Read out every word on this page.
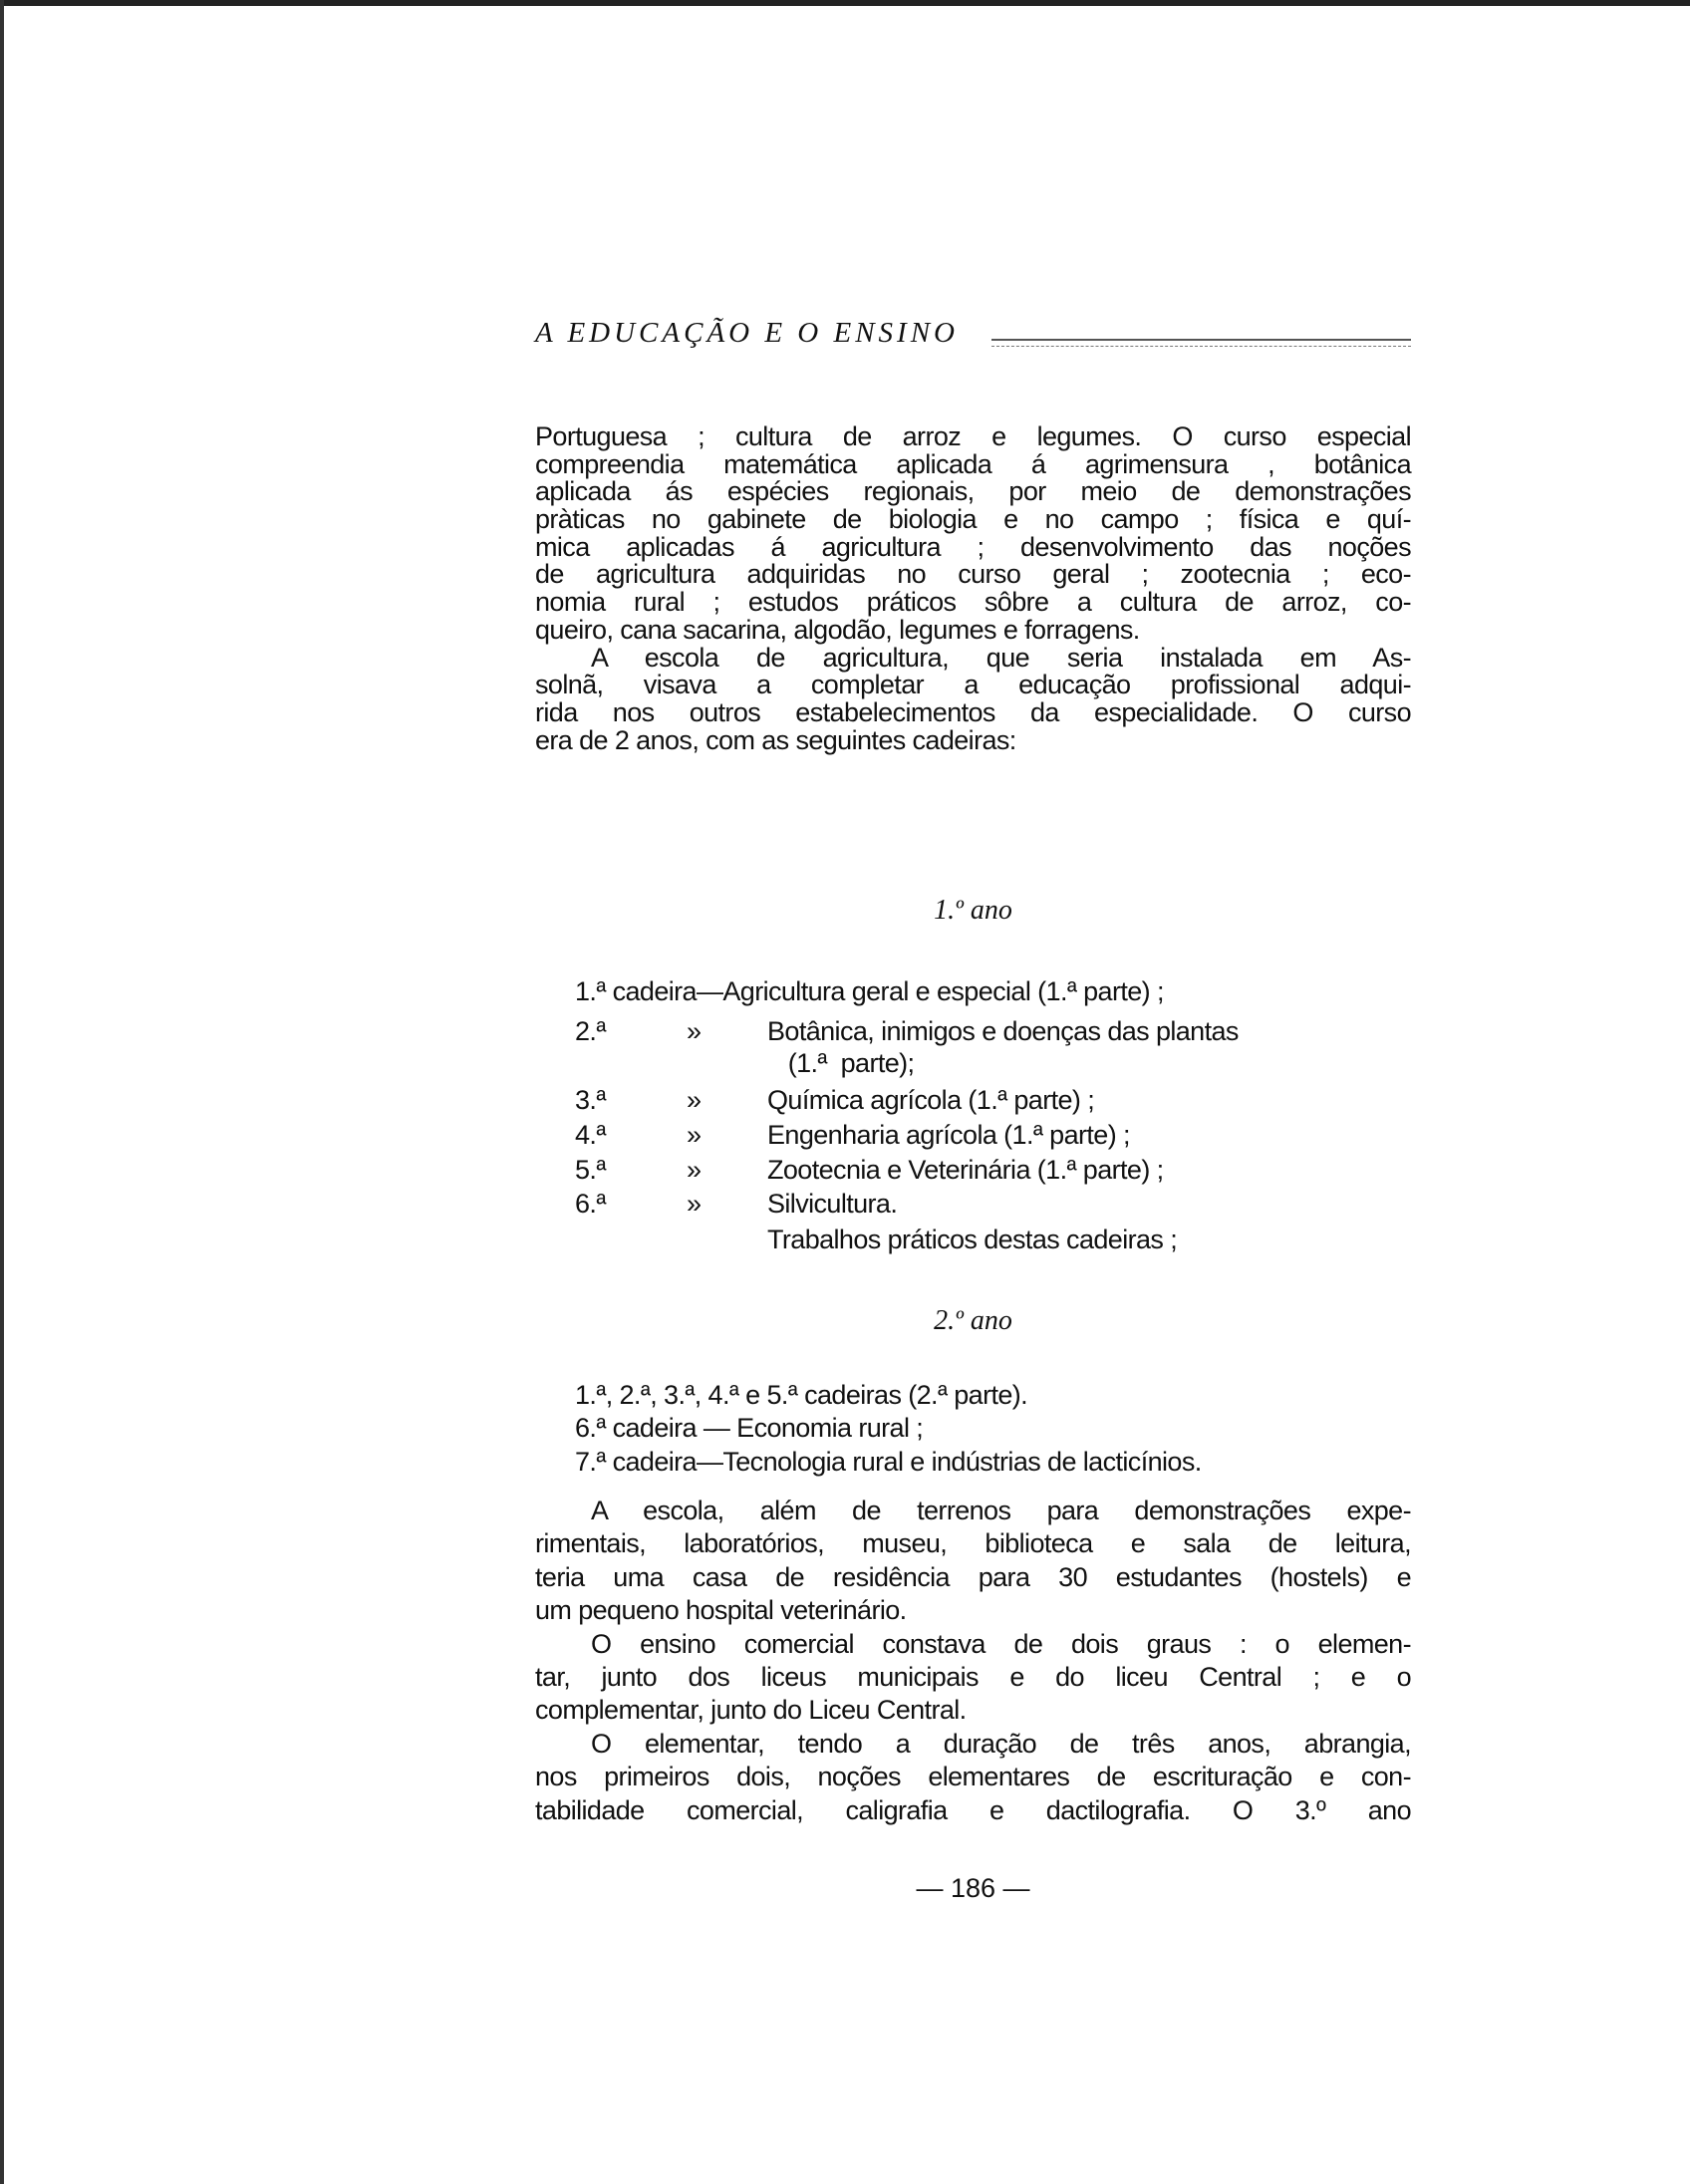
A EDUCAÇÃO E O ENSINO
Portuguesa ; cultura de arroz e legumes. O curso especial
compreendia matemática aplicada á agrimensura , botânica
aplicada ás espécies regionais, por meio de demonstrações
pràticas no gabinete de biologia e no campo ; física e quí-
mica aplicadas á agricultura ; desenvolvimento das noções
de agricultura adquiridas no curso geral ; zootecnia ; eco-
nomia rural ; estudos práticos sôbre a cultura de arroz, co-
queiro, cana sacarina, algodão, legumes e forragens.
A escola de agricultura, que seria instalada em As-
solnã, visava a completar a educação profissional adqui-
rida nos outros estabelecimentos da especialidade. O curso
era de 2 anos, com as seguintes cadeiras:
1.º ano
1.ª cadeira—Agricultura geral e especial (1.ª parte) ;
2.ª	» Botânica, inimigos e doenças das plantas
(1.ª  parte);
3.ª	» Química agrícola (1.ª parte) ;
4.ª	» Engenharia agrícola (1.ª parte) ;
5.ª	» Zootecnia e Veterinária (1.ª parte) ;
6.ª	» Silvicultura.
Trabalhos práticos destas cadeiras ;
2.º ano
1.ª, 2.ª, 3.ª, 4.ª e 5.ª cadeiras (2.ª parte).
6.ª cadeira — Economia rural ;
7.ª cadeira—Tecnologia rural e indústrias de lacticínios.
A escola, além de terrenos para demonstrações expe-
rimentais, laboratórios, museu, biblioteca e sala de leitura,
teria uma casa de residência para 30 estudantes (hostels) e
um pequeno hospital veterinário.
O ensino comercial constava de dois graus : o elemen-
tar, junto dos liceus municipais e do liceu Central ; e o
complementar, junto do Liceu Central.
O elementar, tendo a duração de três anos, abrangia,
nos primeiros dois, noções elementares de escrituração e con-
tabilidade comercial, caligrafia e dactilografia. O 3.º ano
— 186 —
